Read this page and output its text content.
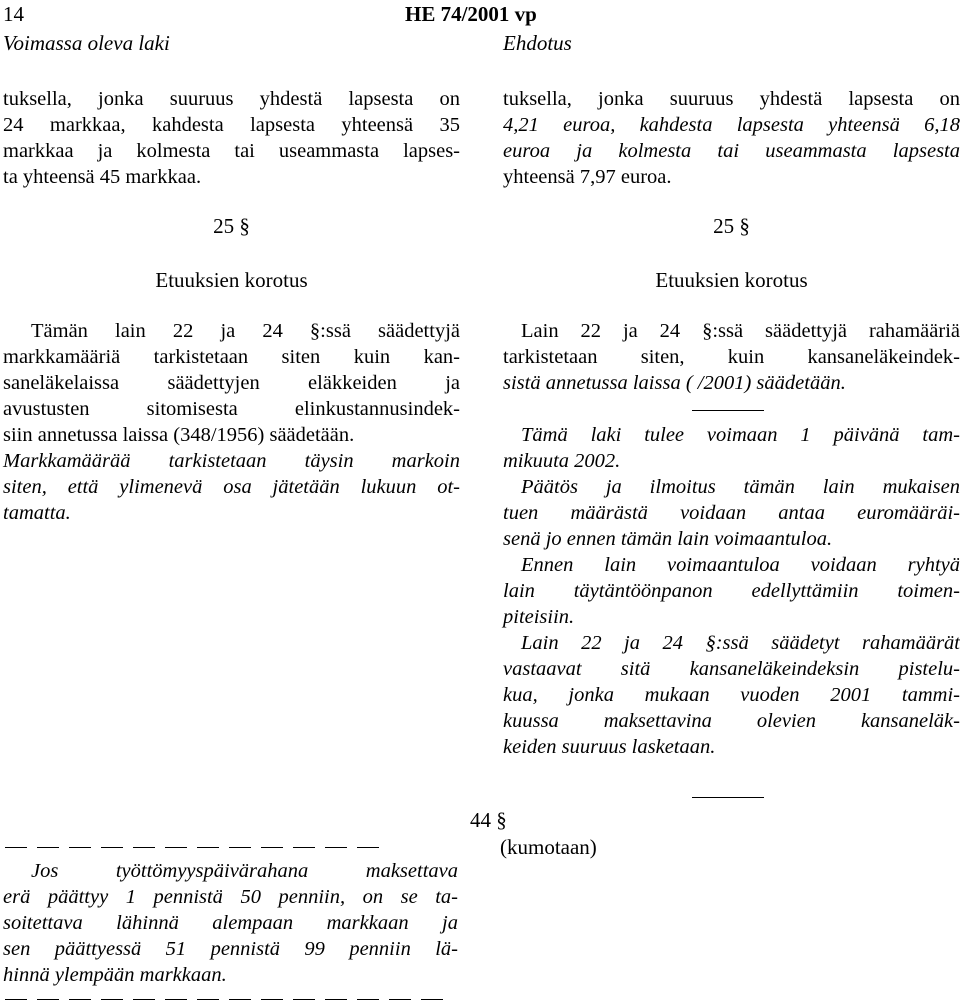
14	HE 74/2001 vp
Voimassa oleva laki	Ehdotus
tuksella, jonka suuruus yhdestä lapsesta on
24 markkaa, kahdesta lapsesta yhteensä 35
markkaa ja kolmesta tai useammasta lapses-
ta yhteensä 45 markkaa.
25 §
Etuuksien korotus
Tämän lain 22 ja 24 §:ssä säädettyjä
markkamääriä tarkistetaan siten kuin kan-
saneläkelaissa säädettyjen eläkkeiden ja
avustusten sitomisesta elinkustannusindek-
siin annetussa laissa (348/1956) säädetään.
Markkamäärää tarkistetaan täysin markoin
siten, että ylimenevä osa jätetään lukuun ot-
tamatta.
Jos työttömyyspäivärahana maksettava
erä päättyy 1 pennistä 50 penniin, on se ta-
soitettava lähinnä alempaan markkaan ja
sen päättyessä 51 pennistä 99 penniin lä-
hinnä ylempään markkaan.
tuksella, jonka suuruus yhdestä lapsesta on
4,21 euroa, kahdesta lapsesta yhteensä 6,18
euroa ja kolmesta tai useammasta lapsesta
yhteensä 7,97 euroa.
25 §
Etuuksien korotus
Lain 22 ja 24 §:ssä säädettyjä rahamääriä
tarkistetaan siten, kuin kansaneläkeindek-
sistä annetussa laissa ( /2001) säädetään.
Tämä laki tulee voimaan 1 päivänä tam-
mikuuta 2002.
Päätös ja ilmoitus tämän lain mukaisen
tuen määrästä voidaan antaa euromääräi-
senä jo ennen tämän lain voimaantuloa.
Ennen lain voimaantuloa voidaan ryhtyä
lain täytäntöönpanon edellyttämiin toimen-
piteisiin.
Lain 22 ja 24 §:ssä säädetyt rahamäärät
vastaavat sitä kansaneläkeindeksin pistelu-
kua, jonka mukaan vuoden 2001 tammi-
kuussa maksettavina olevien kansaneläk-
keiden suuruus lasketaan.
44 §
(kumotaan)
